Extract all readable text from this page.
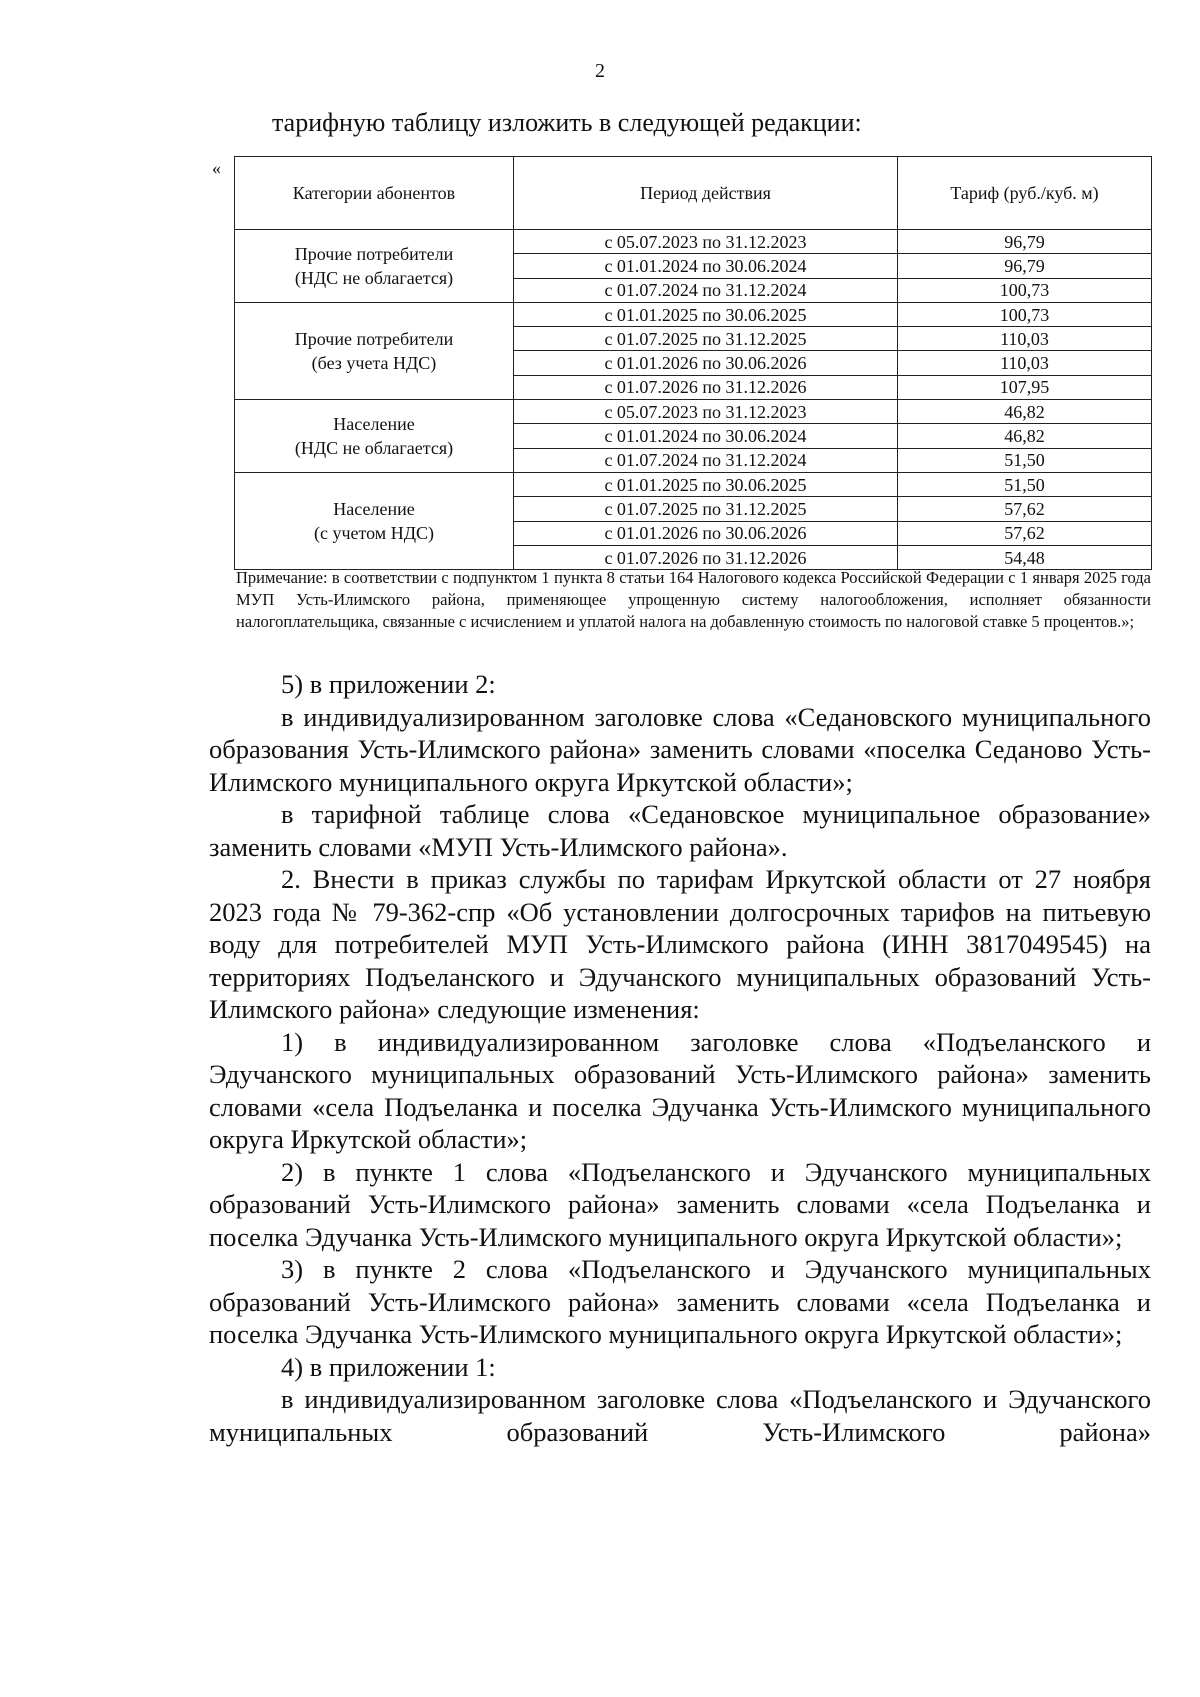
2
тарифную таблицу изложить в следующей редакции:
«
Категории абонентов	Период действия	Тариф (руб./куб. м)

Прочие потребители
(НДС не облагается)	с 05.07.2023 по 31.12.2023	96,79
	с 01.01.2024 по 30.06.2024	96,79
	с 01.07.2024 по 31.12.2024	100,73

Прочие потребители
(без учета НДС)	с 01.01.2025 по 30.06.2025	100,73
	с 01.07.2025 по 31.12.2025	110,03
	с 01.01.2026 по 30.06.2026	110,03
	с 01.07.2026 по 31.12.2026	107,95

Население
(НДС не облагается)	с 05.07.2023 по 31.12.2023	46,82
	с 01.01.2024 по 30.06.2024	46,82
	с 01.07.2024 по 31.12.2024	51,50

Население
(с учетом НДС)	с 01.01.2025 по 30.06.2025	51,50
	с 01.07.2025 по 31.12.2025	57,62
	с 01.01.2026 по 30.06.2026	57,62
	с 01.07.2026 по 31.12.2026	54,48
Примечание: в соответствии с подпунктом 1 пункта 8 статьи 164 Налогового кодекса Российской Федерации с 1 января 2025 года МУП Усть-Илимского района, применяющее упрощенную систему налогообложения, исполняет обязанности налогоплательщика, связанные с исчислением и уплатой налога на добавленную стоимость по налоговой ставке 5 процентов.»;

5) в приложении 2:

в индивидуализированном заголовке слова «Седановского муниципального образования Усть-Илимского района» заменить словами «поселка Седаново Усть-Илимского муниципального округа Иркутской области»;

в тарифной таблице слова «Седановское муниципальное образование» заменить словами «МУП Усть-Илимского района».

2. Внести в приказ службы по тарифам Иркутской области от 27 ноября 2023 года № 79-362-спр «Об установлении долгосрочных тарифов на питьевую воду для потребителей МУП Усть-Илимского района (ИНН 3817049545) на территориях Подъеланского и Эдучанского муниципальных образований Усть-Илимского района» следующие изменения:

1) в индивидуализированном заголовке слова «Подъеланского и Эдучанского муниципальных образований Усть-Илимского района» заменить словами «села Подъеланка и поселка Эдучанка Усть-Илимского муниципального округа Иркутской области»;

2) в пункте 1 слова «Подъеланского и Эдучанского муниципальных образований Усть-Илимского района» заменить словами «села Подъеланка и поселка Эдучанка Усть-Илимского муниципального округа Иркутской области»;

3) в пункте 2 слова «Подъеланского и Эдучанского муниципальных образований Усть-Илимского района» заменить словами «села Подъеланка и поселка Эдучанка Усть-Илимского муниципального округа Иркутской области»;

4) в приложении 1:

в индивидуализированном заголовке слова «Подъеланского и Эдучанского муниципальных образований Усть-Илимского района»
